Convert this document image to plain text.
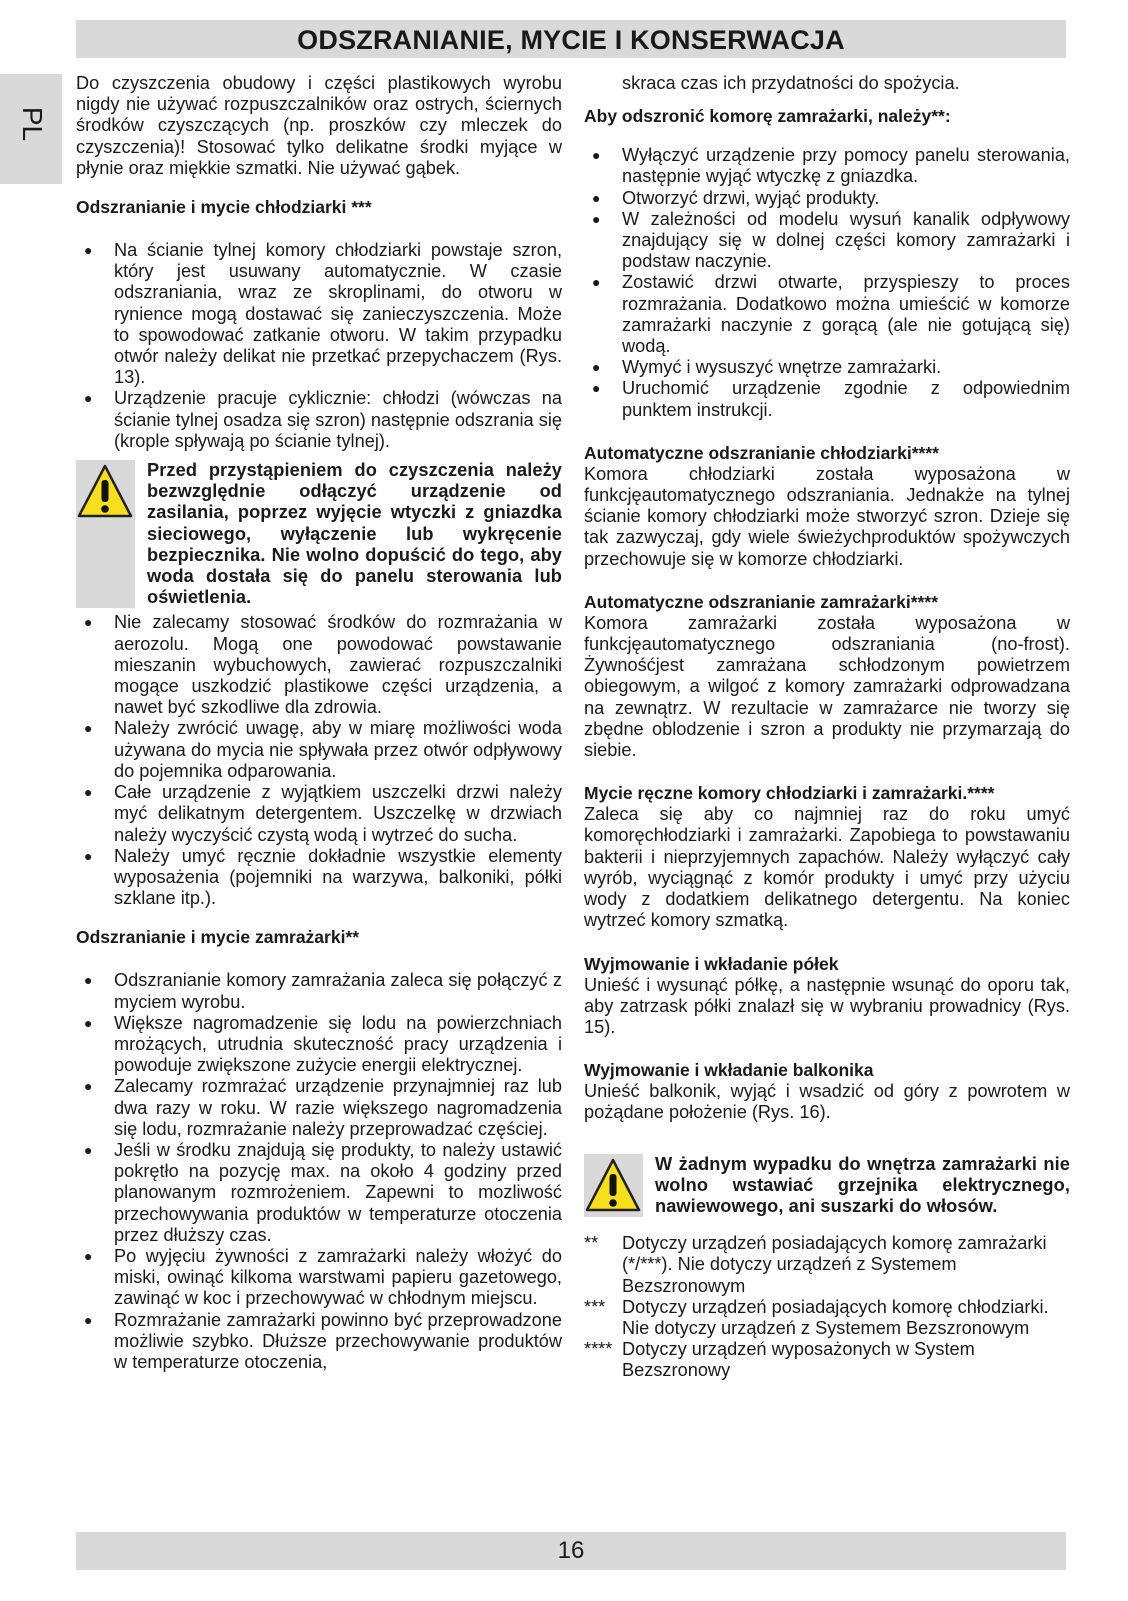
ODSZRANIANIE, MYCIE I KONSERWACJA
PL

Do czyszczenia obudowy i części plastikowych wyrobu nigdy nie używać rozpuszczalników oraz ostrych, ściernych środków czyszczących (np. proszków czy mleczek do czyszczenia)! Stosować tylko delikatne środki myjące w płynie oraz miękkie szmatki. Nie używać gąbek.

Odszranianie i mycie chłodziarki ***
● Na ścianie tylnej komory chłodziarki powstaje szron, który jest usuwany automatycznie. W czasie odszraniania, wraz ze skroplinami, do otworu w rynience mogą dostawać się zanieczyszczenia. Może to spowodować zatkanie otworu. W takim przypadku otwór należy delikat nie przetkać przepychaczem (Rys. 13).
● Urządzenie pracuje cyklicznie: chłodzi (wówczas na ścianie tylnej osadza się szron) następnie odszrania się (krople spływają po ścianie tylnej).
Przed przystąpieniem do czyszczenia należy bezwzględnie odłączyć urządzenie od zasilania, poprzez wyjęcie wtyczki z gniazdka sieciowego, wyłączenie lub wykręcenie bezpiecznika. Nie wolno dopuścić do tego, aby woda dostała się do panelu sterowania lub oświetlenia.
● Nie zalecamy stosować środków do rozmrażania w aerozolu. Mogą one powodować powstawanie mieszanin wybuchowych, zawierać rozpuszczalniki mogące uszkodzić plastikowe części urządzenia, a nawet być szkodliwe dla zdrowia.
● Należy zwrócić uwagę, aby w miarę możliwości woda używana do mycia nie spływała przez otwór odpływowy do pojemnika odparowania.
● Całe urządzenie z wyjątkiem uszczelki drzwi należy myć delikatnym detergentem. Uszczelkę w drzwiach należy wyczyścić czystą wodą i wytrzeć do sucha.
● Należy umyć ręcznie dokładnie wszystkie elementy wyposażenia (pojemniki na warzywa, balkoniki, półki szklane itp.).
Odszranianie i mycie zamrażarki**
● Odszranianie komory zamrażania zaleca się połączyć z myciem wyrobu.
● Większe nagromadzenie się lodu na powierzchniach mrożących, utrudnia skuteczność pracy urządzenia i powoduje zwiększone zużycie energii elektrycznej.
● Zalecamy rozmrażać urządzenie przynajmniej raz lub dwa razy w roku. W razie większego nagromadzenia się lodu, rozmrażanie należy przeprowadzać częściej.
● Jeśli w środku znajdują się produkty, to należy ustawić pokrętło na pozycję max. na około 4 godziny przed planowanym rozmrożeniem. Zapewni to mozliwość przechowywania produktów w temperaturze otoczenia przez dłuższy czas.
● Po wyjęciu żywności z zamrażarki należy włożyć do miski, owinąć kilkoma warstwami papieru gazetowego, zawinąć w koc i przechowywać w chłodnym miejscu.
● Rozmrażanie zamrażarki powinno być przeprowadzone możliwie szybko. Dłuższe przechowywanie produktów w temperaturze otoczenia,

skraca czas ich przydatności do spożycia.

Aby odszronić komorę zamrażarki, należy**:
● Wyłączyć urządzenie przy pomocy panelu sterowania, następnie wyjąć wtyczkę z gniazdka.
● Otworzyć drzwi, wyjąć produkty.
● W zależności od modelu wysuń kanalik odpływowy znajdujący się w dolnej części komory zamrażarki i podstaw naczynie.
● Zostawić drzwi otwarte, przyspieszy to proces rozmrażania. Dodatkowo można umieścić w komorze zamrażarki naczynie z gorącą (ale nie gotującą się) wodą.
● Wymyć i wysuszyć wnętrze zamrażarki.
● Uruchomić urządzenie zgodnie z odpowiednim punktem instrukcji.
Automatyczne odszranianie chłodziarki****

Komora chłodziarki została wyposażona w funkcjęautomatycznego odszraniania. Jednakże na tylnej ścianie komory chłodziarki może stworzyć szron. Dzieje się tak zazwyczaj, gdy wiele świeżychproduktów spożywczych przechowuje się w komorze chłodziarki.

Automatyczne odszranianie zamrażarki****

Komora zamrażarki została wyposażona w funkcjęautomatycznego odszraniania (no-frost). Żywnośćjest zamrażana schłodzonym powietrzem obiegowym, a wilgoć z komory zamrażarki odprowadzana na zewnątrz. W rezultacie w zamrażarce nie tworzy się zbędne oblodzenie i szron a produkty nie przymarzają do siebie.

Mycie ręczne komory chłodziarki i zamrażarki.****

Zaleca się aby co najmniej raz do roku umyć komoręchłodziarki i zamrażarki. Zapobiega to powstawaniu bakterii i nieprzyjemnych zapachów. Należy wyłączyć cały wyrób, wyciągnąć z komór produkty i umyć przy użyciu wody z dodatkiem delikatnego detergentu. Na koniec wytrzeć komory szmatką.

Wyjmowanie i wkładanie półek

Unieść i wysunąć półkę, a następnie wsunąć do oporu tak, aby zatrzask półki znalazł się w wybraniu prowadnicy (Rys. 15).

Wyjmowanie i wkładanie balkonika

Unieść balkonik, wyjąć i wsadzić od góry z powrotem w pożądane położenie (Rys. 16).

W żadnym wypadku do wnętrza zamrażarki nie wolno wstawiać grzejnika elektrycznego, nawiewowego, ani suszarki do włosów.
**	Dotyczy urządzeń posiadających komorę zamrażarki (*/***). Nie dotyczy urządzeń z Systemem Bezszronowym
*** Dotyczy urządzeń posiadających komorę chłodziarki. Nie dotyczy urządzeń z Systemem Bezszronowym
**** Dotyczy urządzeń wyposażonych w System Bezszronowy
16
